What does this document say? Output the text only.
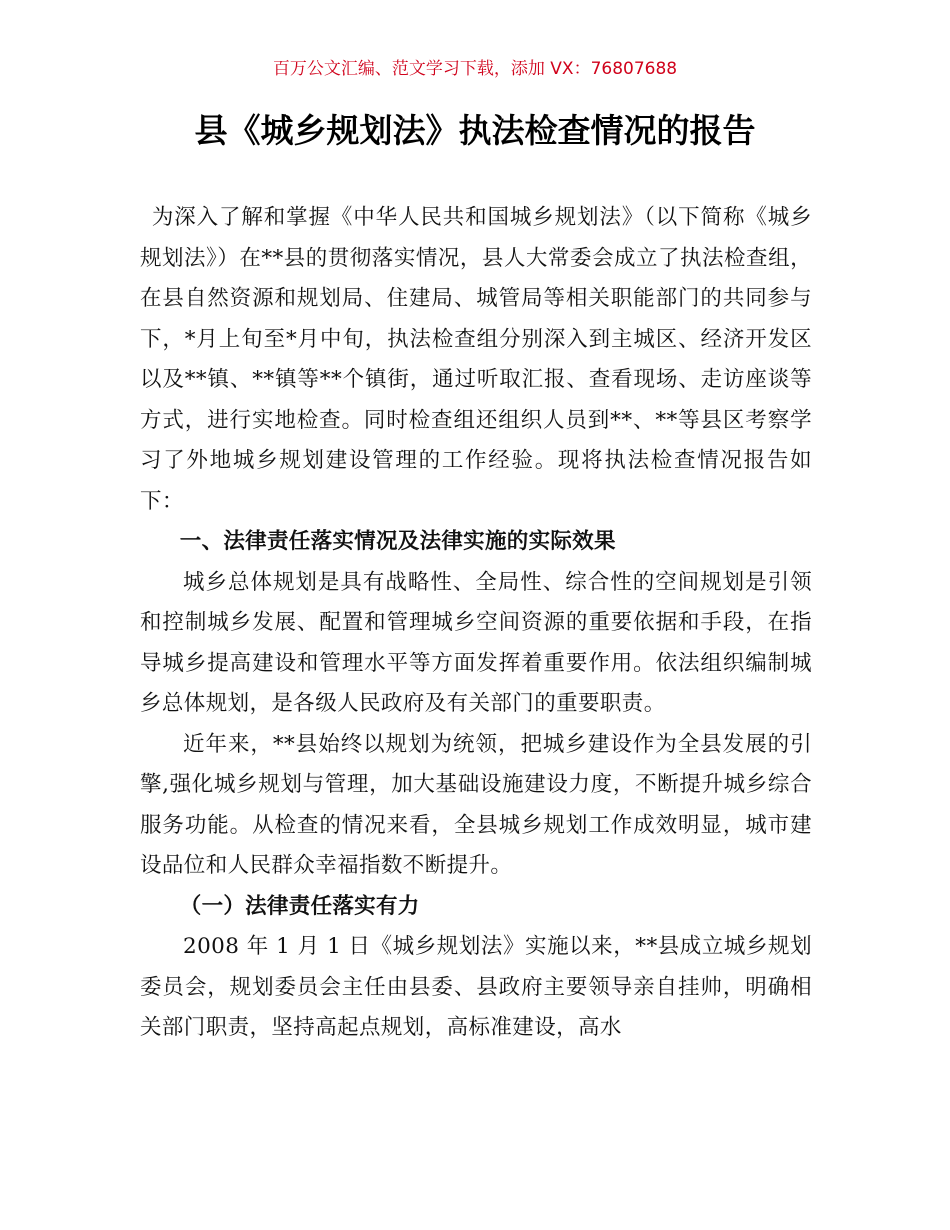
百万公文汇编、范文学习下载，添加 VX：76807688
县《城乡规划法》执法检查情况的报告

为深入了解和掌握《中华人民共和国城乡规划法》（以下简称《城乡规划法》）在**县的贯彻落实情况，县人大常委会成立了执法检查组，在县自然资源和规划局、住建局、城管局等相关职能部门的共同参与下，*月上旬至*月中旬，执法检查组分别深入到主城区、经济开发区以及**镇、**镇等**个镇街，通过听取汇报、查看现场、走访座谈等方式，进行实地检查。同时检查组还组织人员到**、**等县区考察学习了外地城乡规划建设管理的工作经验。现将执法检查情况报告如下：

一、法律责任落实情况及法律实施的实际效果

城乡总体规划是具有战略性、全局性、综合性的空间规划是引领和控制城乡发展、配置和管理城乡空间资源的重要依据和手段，在指导城乡提高建设和管理水平等方面发挥着重要作用。依法组织编制城乡总体规划，是各级人民政府及有关部门的重要职责。

近年来，**县始终以规划为统领，把城乡建设作为全县发展的引擎,强化城乡规划与管理，加大基础设施建设力度，不断提升城乡综合服务功能。从检查的情况来看，全县城乡规划工作成效明显，城市建设品位和人民群众幸福指数不断提升。

（一）法律责任落实有力

2008 年 1 月 1 日《城乡规划法》实施以来，**县成立城乡规划委员会，规划委员会主任由县委、县政府主要领导亲自挂帅，明确相关部门职责，坚持高起点规划，高标准建设，高水
